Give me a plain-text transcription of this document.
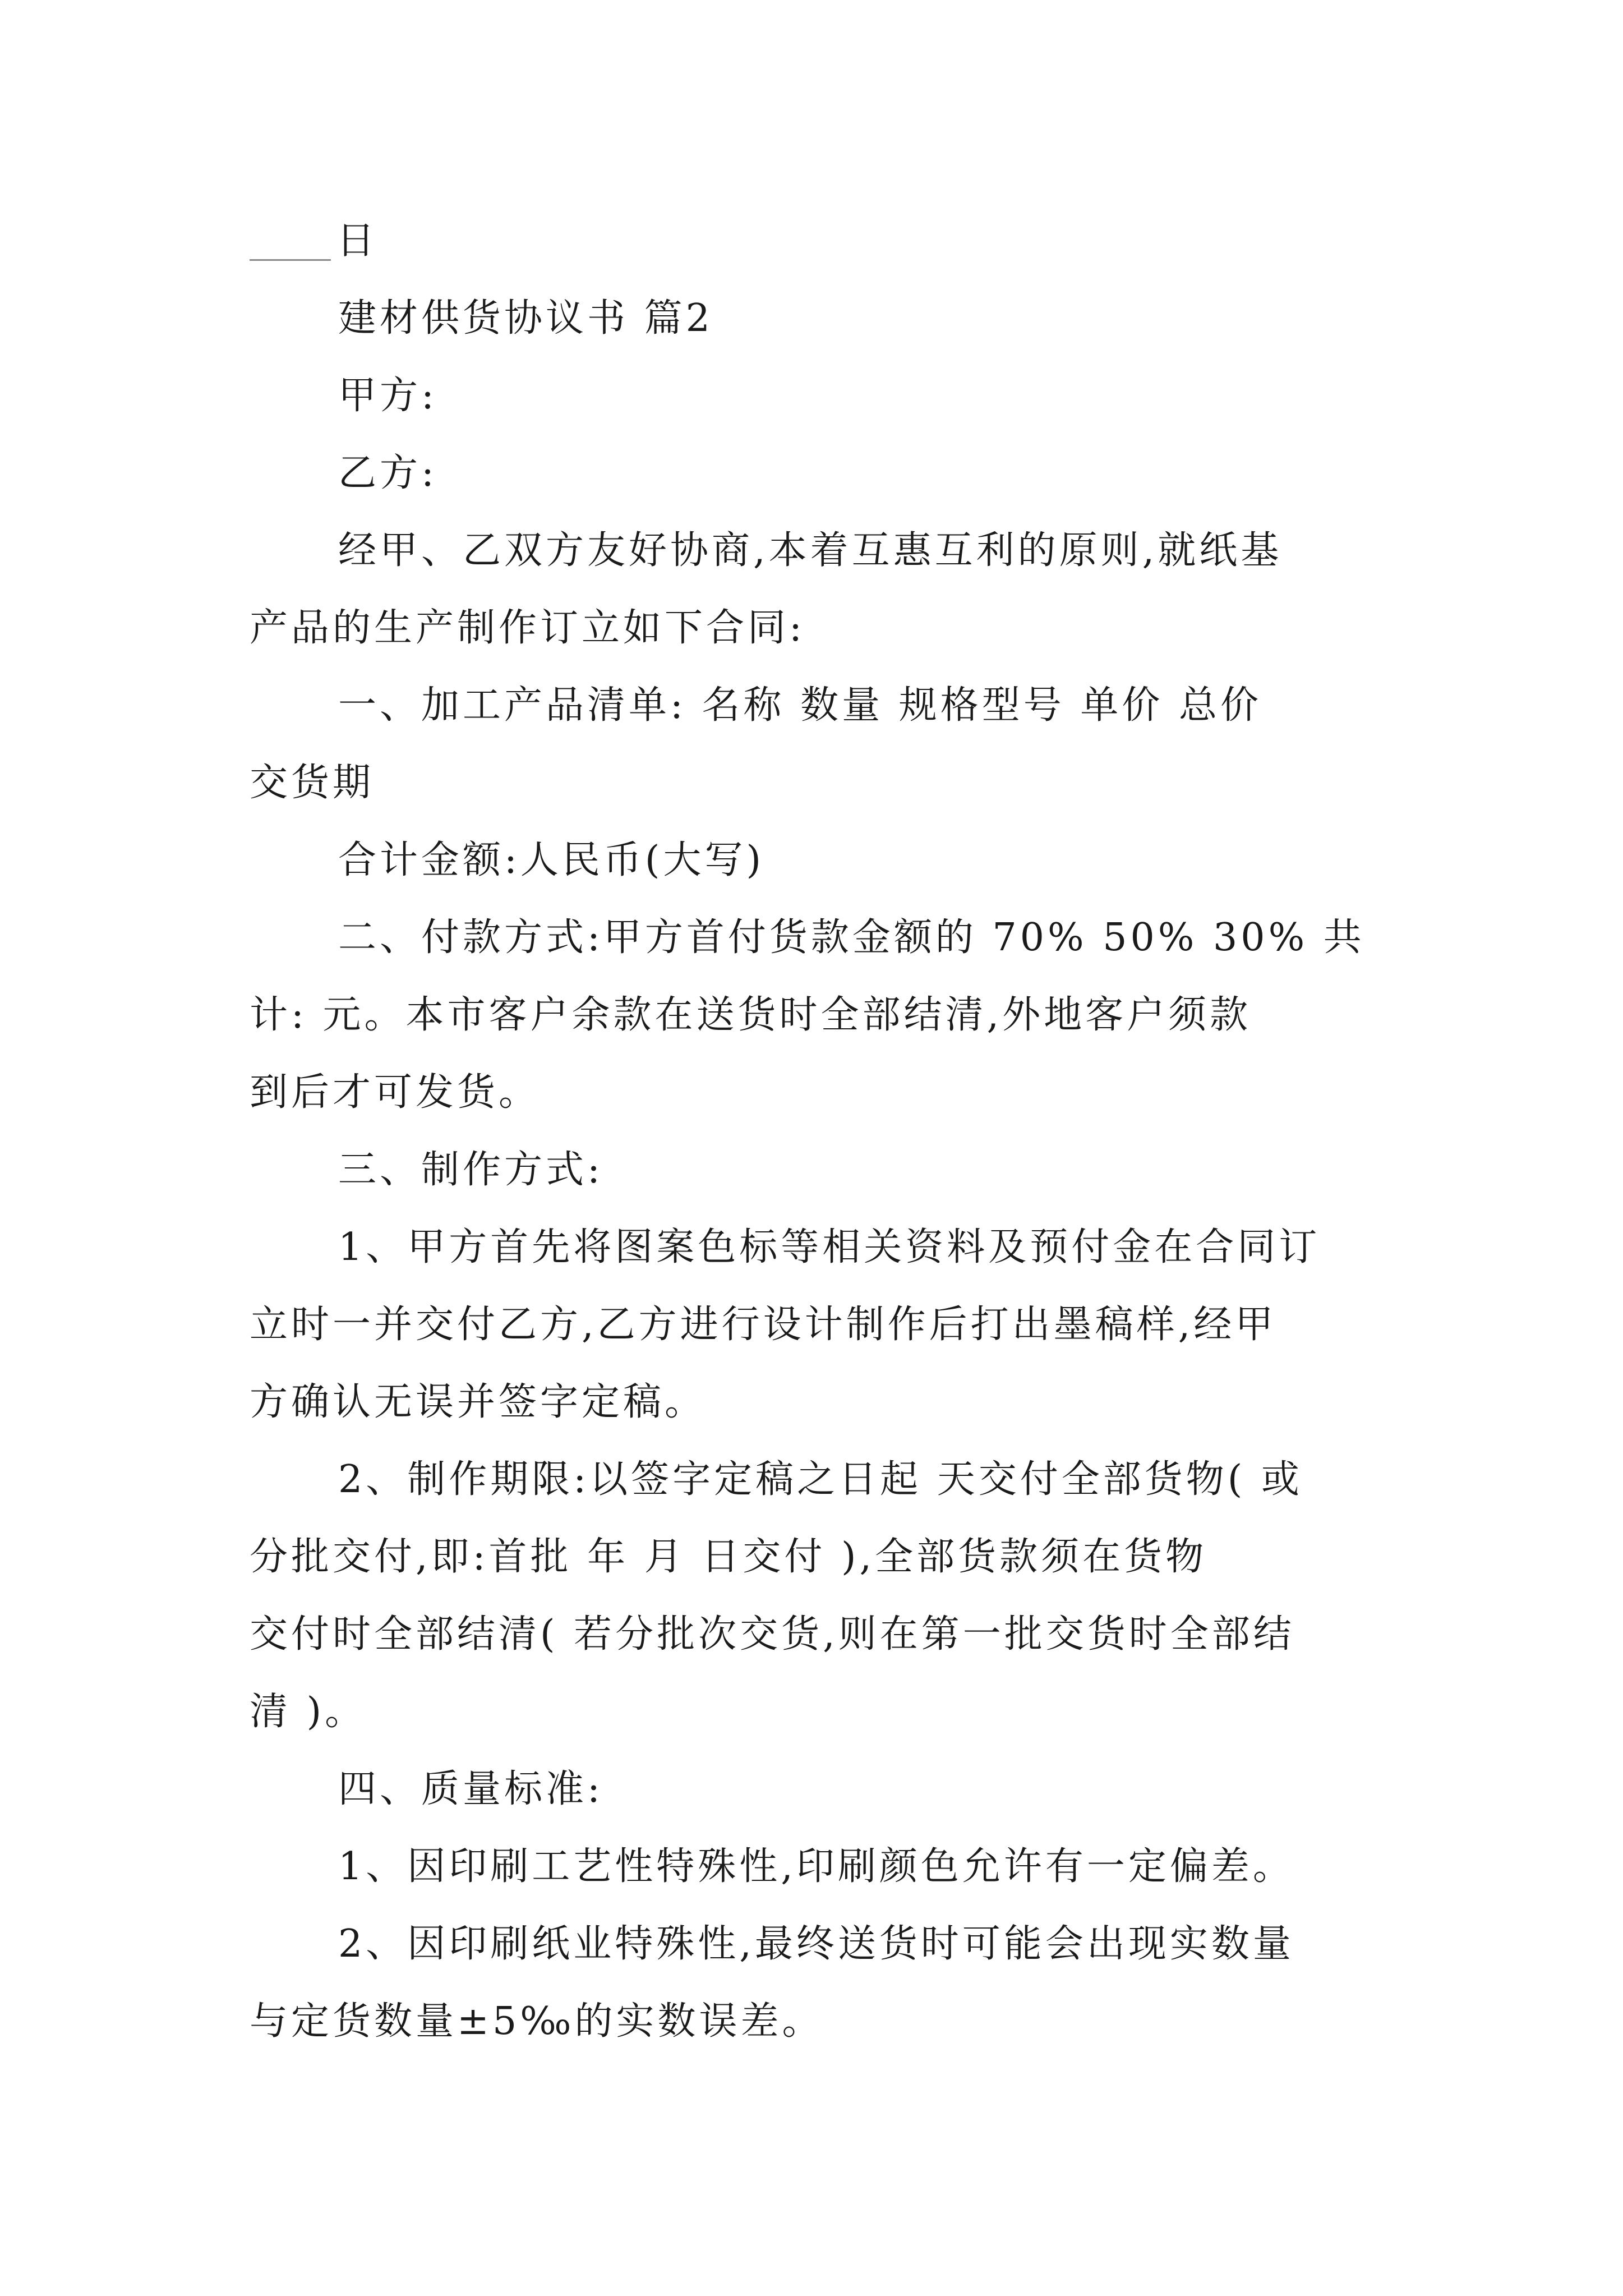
日
建材供货协议书 篇2
甲方:
乙方:
经甲、乙双方友好协商,本着互惠互利的原则,就纸基
产品的生产制作订立如下合同:
一、加工产品清单: 名称 数量 规格型号 单价 总价
交货期
合计金额:人民币(大写)
二、付款方式:甲方首付货款金额的 70% 50% 30% 共
计: 元。本市客户余款在送货时全部结清,外地客户须款
到后才可发货。
三、制作方式:
1、甲方首先将图案色标等相关资料及预付金在合同订
立时一并交付乙方,乙方进行设计制作后打出墨稿样,经甲
方确认无误并签字定稿。
2、制作期限:以签字定稿之日起 天交付全部货物( 或
分批交付,即:首批 年 月 日交付 ),全部货款须在货物
交付时全部结清( 若分批次交货,则在第一批交货时全部结
清 )。
四、质量标准:
1、因印刷工艺性特殊性,印刷颜色允许有一定偏差。
2、因印刷纸业特殊性,最终送货时可能会出现实数量
与定货数量±5‰的实数误差。
